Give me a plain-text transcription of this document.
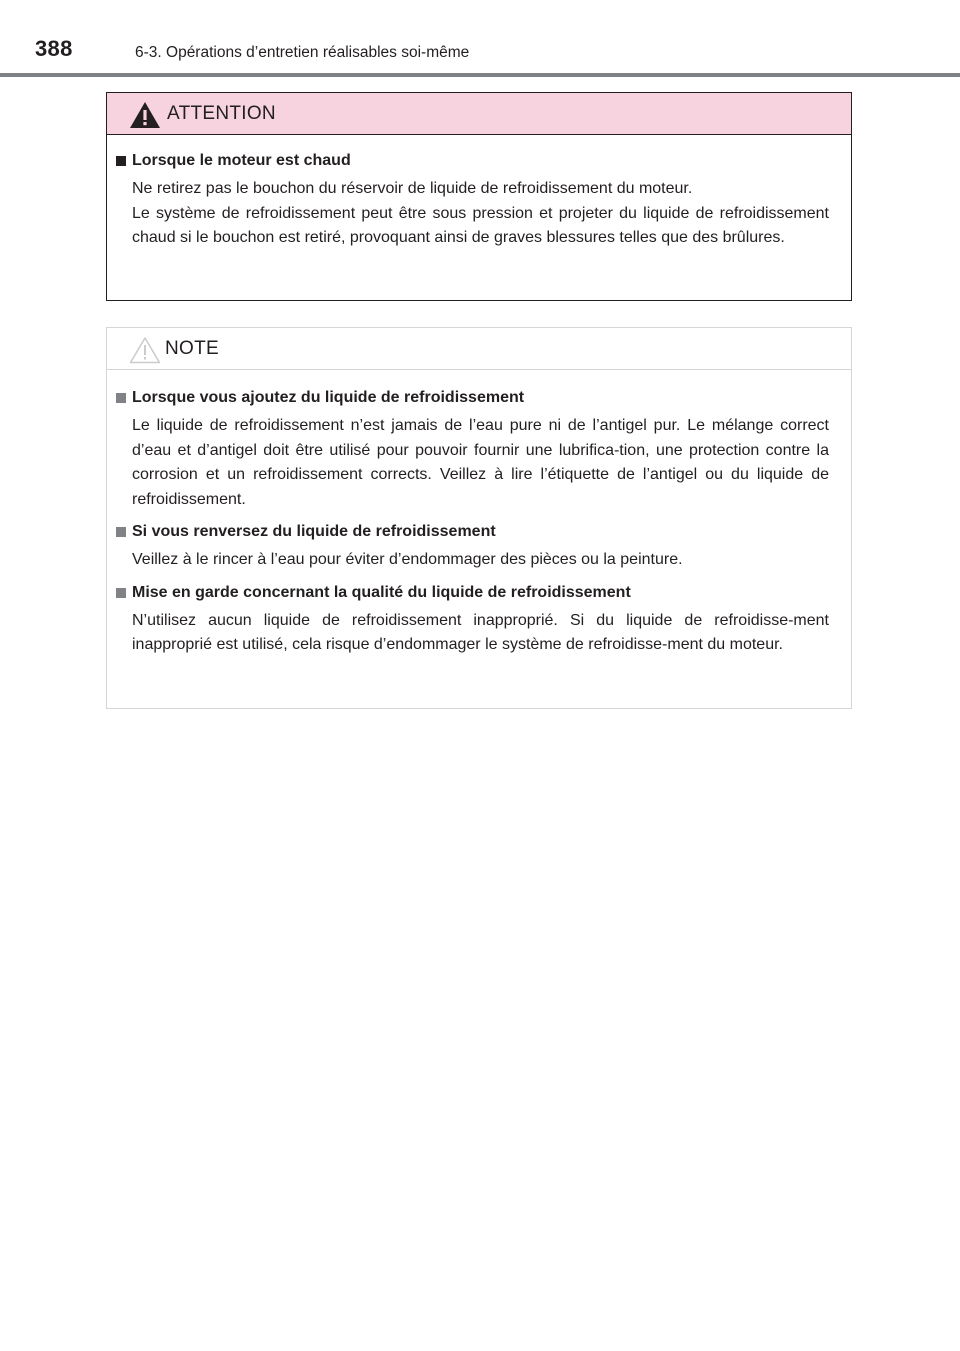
388	6-3. Opérations d’entretien réalisables soi-même
ATTENTION

Lorsque le moteur est chaud

Ne retirez pas le bouchon du réservoir de liquide de refroidissement du moteur.
Le système de refroidissement peut être sous pression et projeter du liquide de refroidissement chaud si le bouchon est retiré, provoquant ainsi de graves blessures telles que des brûlures.
NOTE

Lorsque vous ajoutez du liquide de refroidissement

Le liquide de refroidissement n’est jamais de l’eau pure ni de l’antigel pur. Le mélange correct d’eau et d’antigel doit être utilisé pour pouvoir fournir une lubrifica-tion, une protection contre la corrosion et un refroidissement corrects. Veillez à lire l’étiquette de l’antigel ou du liquide de refroidissement.

Si vous renversez du liquide de refroidissement

Veillez à le rincer à l’eau pour éviter d’endommager des pièces ou la peinture.

Mise en garde concernant la qualité du liquide de refroidissement

N’utilisez aucun liquide de refroidissement inapproprié. Si du liquide de refroidisse-ment inapproprié est utilisé, cela risque d’endommager le système de refroidisse-ment du moteur.
